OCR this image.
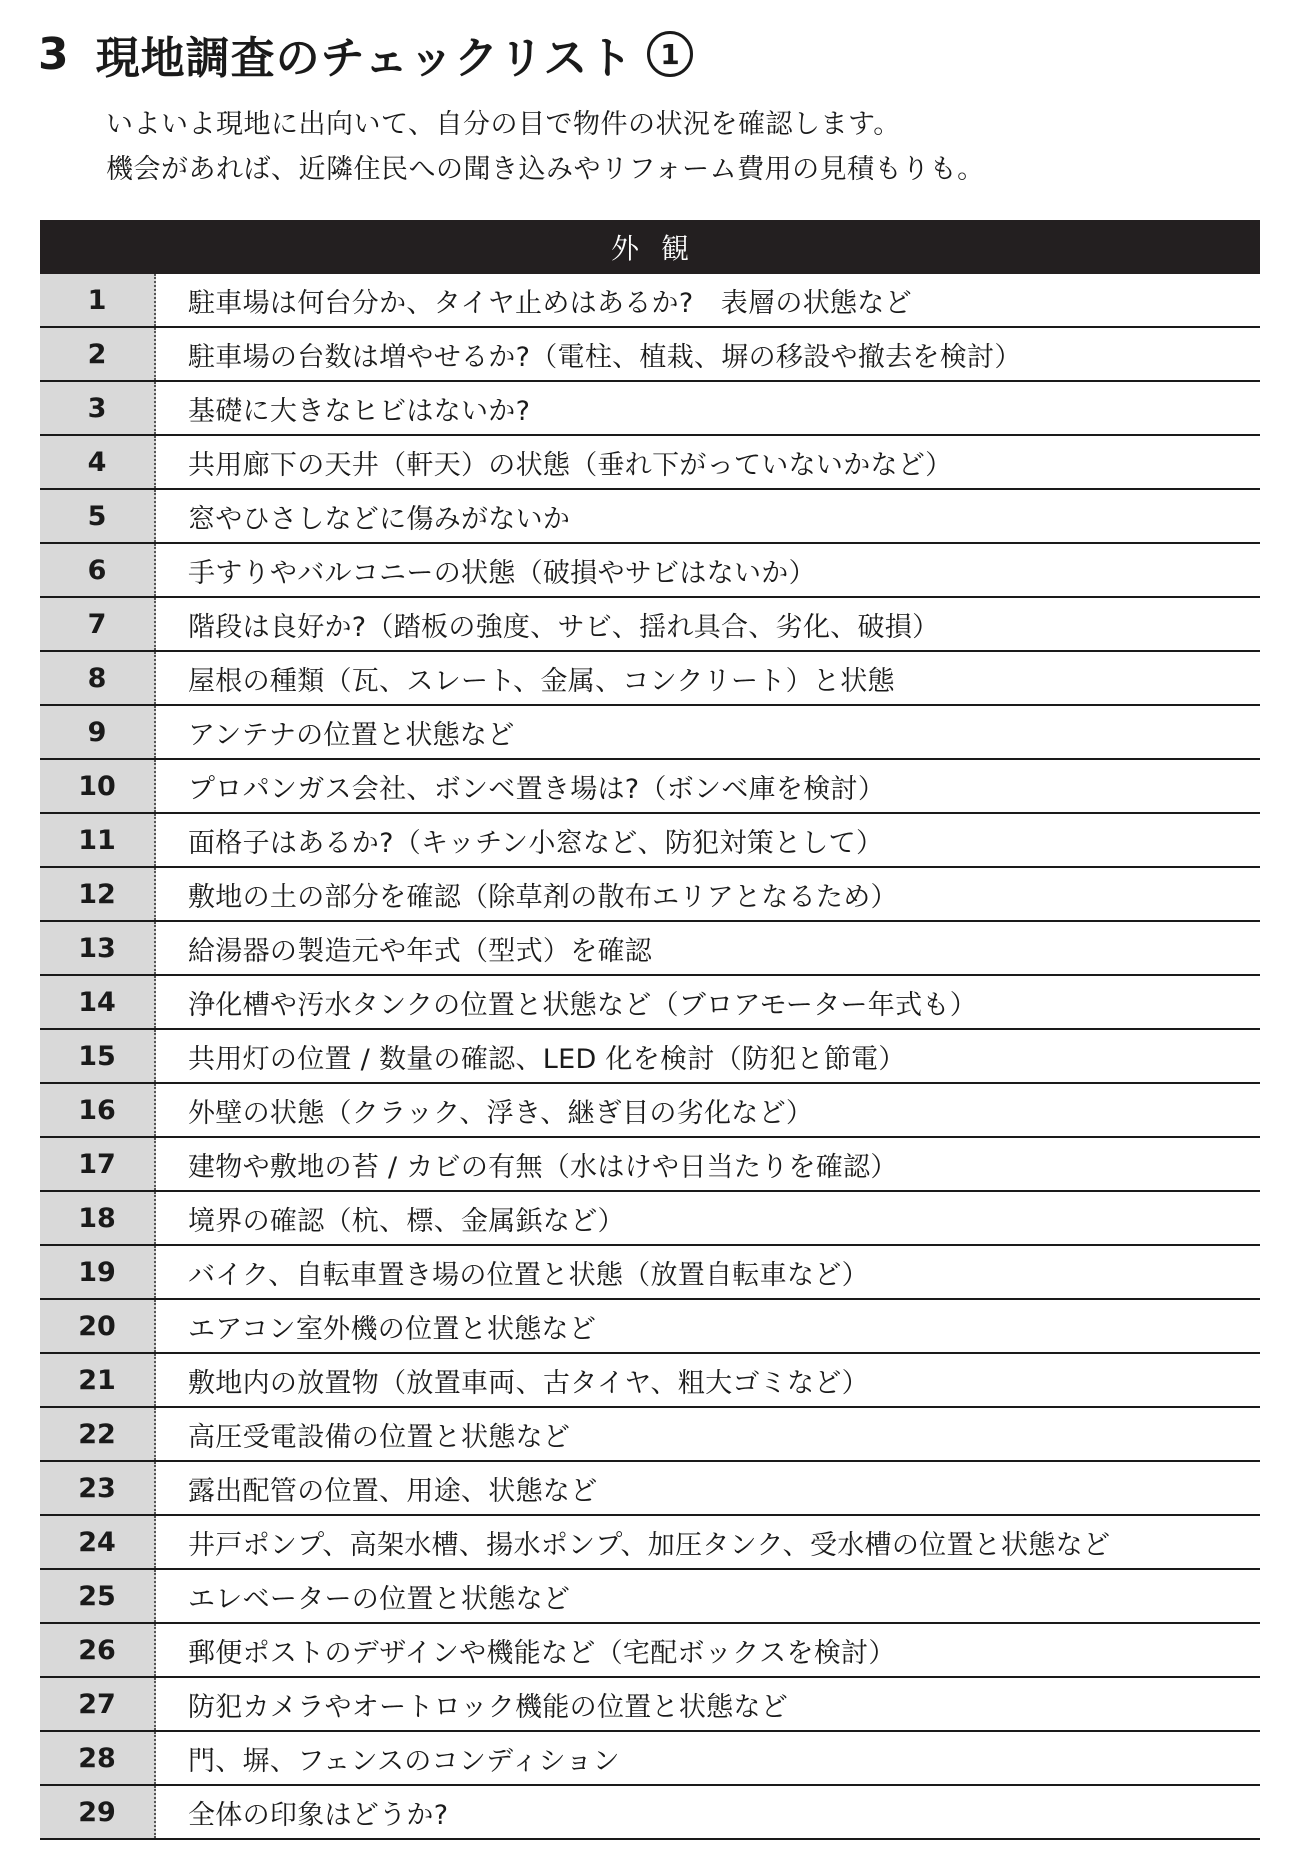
3 現地調査のチェックリスト 1
いよいよ現地に出向いて、自分の目で物件の状況を確認します。
機会があれば、近隣住民への聞き込みやリフォーム費用の見積もりも。
外観
1	駐車場は何台分か、タイヤ止めはあるか?　表層の状態など
2	駐車場の台数は増やせるか?（電柱、植栽、塀の移設や撤去を検討）
3	基礎に大きなヒビはないか?
4	共用廊下の天井（軒天）の状態（垂れ下がっていないかなど）
5	窓やひさしなどに傷みがないか
6	手すりやバルコニーの状態（破損やサビはないか）
7	階段は良好か?（踏板の強度、サビ、揺れ具合、劣化、破損）
8	屋根の種類（瓦、スレート、金属、コンクリート）と状態
9	アンテナの位置と状態など
10	プロパンガス会社、ボンベ置き場は?（ボンベ庫を検討）
11	面格子はあるか?（キッチン小窓など、防犯対策として）
12	敷地の土の部分を確認（除草剤の散布エリアとなるため）
13	給湯器の製造元や年式（型式）を確認
14	浄化槽や汚水タンクの位置と状態など（ブロアモーター年式も）
15	共用灯の位置 / 数量の確認、LED 化を検討（防犯と節電）
16	外壁の状態（クラック、浮き、継ぎ目の劣化など）
17	建物や敷地の苔 / カビの有無（水はけや日当たりを確認）
18	境界の確認（杭、標、金属鋲など）
19	バイク、自転車置き場の位置と状態（放置自転車など）
20	エアコン室外機の位置と状態など
21	敷地内の放置物（放置車両、古タイヤ、粗大ゴミなど）
22	高圧受電設備の位置と状態など
23	露出配管の位置、用途、状態など
24	井戸ポンプ、高架水槽、揚水ポンプ、加圧タンク、受水槽の位置と状態など
25	エレベーターの位置と状態など
26	郵便ポストのデザインや機能など（宅配ボックスを検討）
27	防犯カメラやオートロック機能の位置と状態など
28	門、塀、フェンスのコンディション
29	全体の印象はどうか?
